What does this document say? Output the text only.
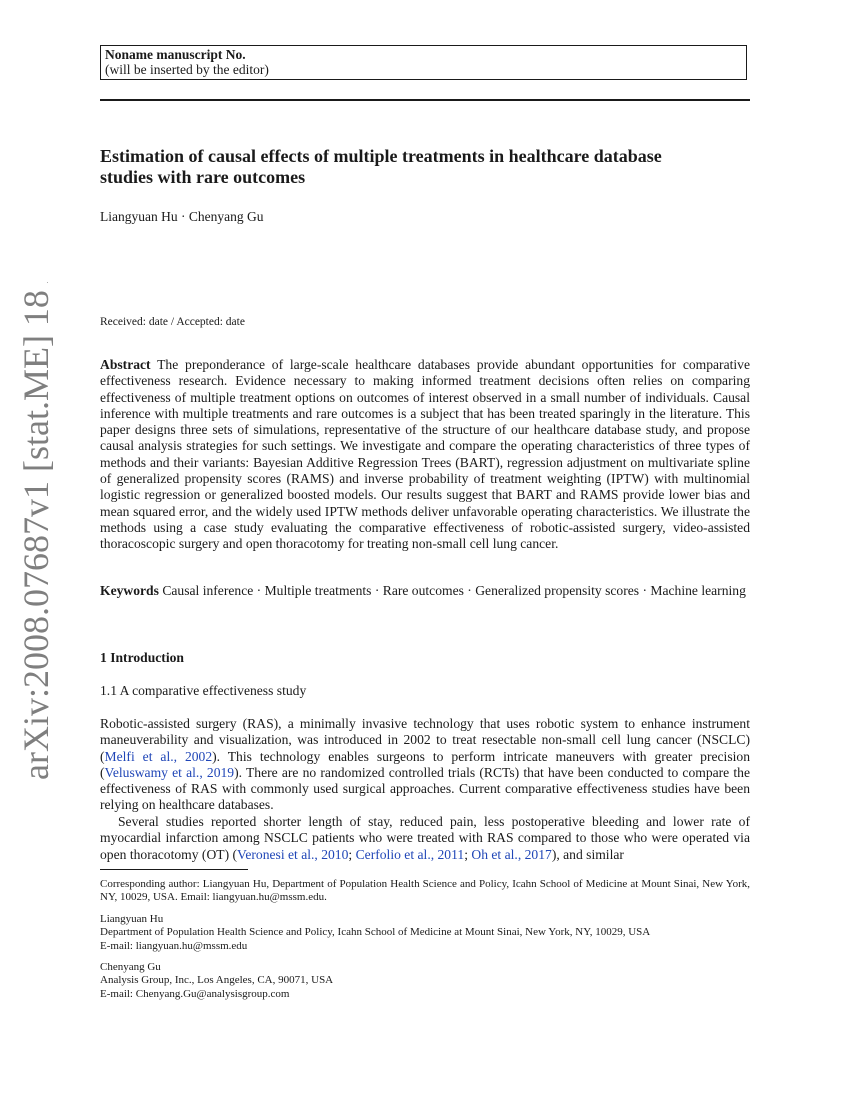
arXiv:2008.07687v1 [stat.ME] 18 Aug 2020
Noname manuscript No.
(will be inserted by the editor)
Estimation of causal effects of multiple treatments in healthcare database
studies with rare outcomes
Liangyuan Hu · Chenyang Gu
Received: date / Accepted: date
Abstract The preponderance of large-scale healthcare databases provide abundant opportunities for comparative effectiveness research. Evidence necessary to making informed treatment decisions often relies on comparing effectiveness of multiple treatment options on outcomes of interest observed in a small number of individuals. Causal inference with multiple treatments and rare outcomes is a subject that has been treated sparingly in the literature. This paper designs three sets of simulations, representative of the structure of our healthcare database study, and propose causal analysis strategies for such settings. We investigate and compare the operating characteristics of three types of methods and their variants: Bayesian Additive Regression Trees (BART), regression adjustment on multivariate spline of generalized propensity scores (RAMS) and inverse probability of treatment weighting (IPTW) with multinomial logistic regression or generalized boosted models. Our results suggest that BART and RAMS provide lower bias and mean squared error, and the widely used IPTW methods deliver unfavorable operating characteristics. We illustrate the methods using a case study evaluating the comparative effectiveness of robotic-assisted surgery, video-assisted thoracoscopic surgery and open thoracotomy for treating non-small cell lung cancer.
Keywords Causal inference · Multiple treatments · Rare outcomes · Generalized propensity scores · Machine learning
1 Introduction
1.1 A comparative effectiveness study
Robotic-assisted surgery (RAS), a minimally invasive technology that uses robotic system to enhance instrument maneuverability and visualization, was introduced in 2002 to treat resectable non-small cell lung cancer (NSCLC) (Melfi et al., 2002). This technology enables surgeons to perform intricate maneuvers with greater precision (Veluswamy et al., 2019). There are no randomized controlled trials (RCTs) that have been conducted to compare the effectiveness of RAS with commonly used surgical approaches. Current comparative effectiveness studies have been relying on healthcare databases.
Several studies reported shorter length of stay, reduced pain, less postoperative bleeding and lower rate of myocardial infarction among NSCLC patients who were treated with RAS compared to those who were operated via open thoracotomy (OT) (Veronesi et al., 2010; Cerfolio et al., 2011; Oh et al., 2017), and similar
Corresponding author: Liangyuan Hu, Department of Population Health Science and Policy, Icahn School of Medicine at Mount Sinai, New York, NY, 10029, USA. Email: liangyuan.hu@mssm.edu.
Liangyuan Hu
Department of Population Health Science and Policy, Icahn School of Medicine at Mount Sinai, New York, NY, 10029, USA
E-mail: liangyuan.hu@mssm.edu
Chenyang Gu
Analysis Group, Inc., Los Angeles, CA, 90071, USA
E-mail: Chenyang.Gu@analysisgroup.com
